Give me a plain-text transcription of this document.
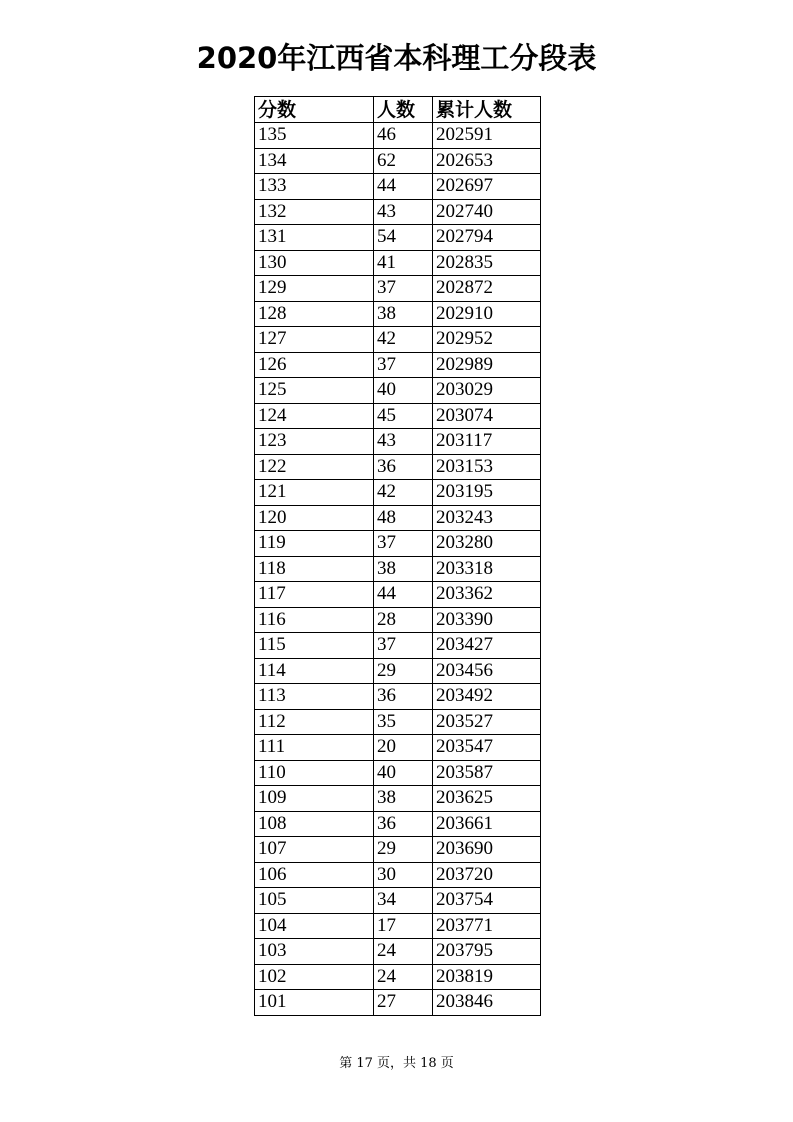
2020年江西省本科理工分段表
分数	人数	累计人数
135	46	202591
134	62	202653
133	44	202697
132	43	202740
131	54	202794
130	41	202835
129	37	202872
128	38	202910
127	42	202952
126	37	202989
125	40	203029
124	45	203074
123	43	203117
122	36	203153
121	42	203195
120	48	203243
119	37	203280
118	38	203318
117	44	203362
116	28	203390
115	37	203427
114	29	203456
113	36	203492
112	35	203527
111	20	203547
110	40	203587
109	38	203625
108	36	203661
107	29	203690
106	30	203720
105	34	203754
104	17	203771
103	24	203795
102	24	203819
101	27	203846
第 17 页，共 18 页
